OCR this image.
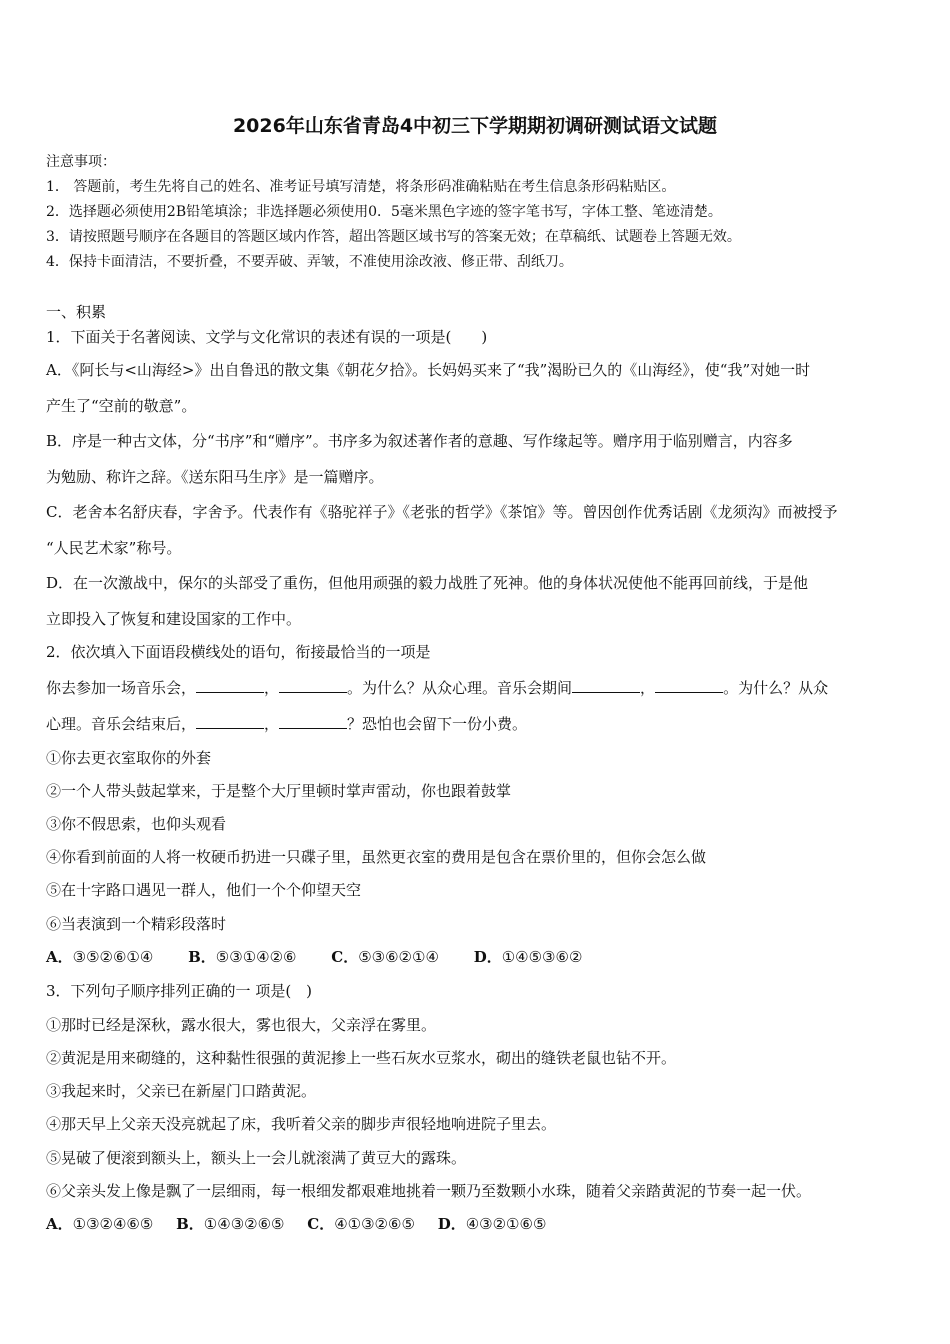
2026年山东省青岛4中初三下学期期初调研测试语文试题
注意事项：
1． 答题前，考生先将自己的姓名、准考证号填写清楚，将条形码准确粘贴在考生信息条形码粘贴区。
2．选择题必须使用2B铅笔填涂；非选择题必须使用0．5毫米黑色字迹的签字笔书写，字体工整、笔迹清楚。
3．请按照题号顺序在各题目的答题区域内作答，超出答题区域书写的答案无效；在草稿纸、试题卷上答题无效。
4．保持卡面清洁，不要折叠，不要弄破、弄皱，不准使用涂改液、修正带、刮纸刀。
一、积累
1．下面关于名著阅读、文学与文化常识的表述有误的一项是(　　)
A．《阿长与<山海经>》出自鲁迅的散文集《朝花夕拾》。长妈妈买来了“我”渴盼已久的《山海经》，使“我”对她一时
产生了“空前的敬意”。
B．序是一种古文体，分“书序”和“赠序”。书序多为叙述著作者的意趣、写作缘起等。赠序用于临别赠言，内容多
为勉励、称许之辞。《送东阳马生序》是一篇赠序。
C．老舍本名舒庆春，字舍予。代表作有《骆驼祥子》《老张的哲学》《茶馆》等。曾因创作优秀话剧《龙须沟》而被授予
“人民艺术家”称号。
D．在一次激战中，保尔的头部受了重伤，但他用顽强的毅力战胜了死神。他的身体状况使他不能再回前线，于是他
立即投入了恢复和建设国家的工作中。
2．依次填入下面语段横线处的语句，衔接最恰当的一项是
你去参加一场音乐会，	，	。为什么？从众心理。音乐会期间	，	。为什么？从众
心理。音乐会结束后，	，	？恐怕也会留下一份小费。
①你去更衣室取你的外套
②一个人带头鼓起掌来，于是整个大厅里顿时掌声雷动，你也跟着鼓掌
③你不假思索，也仰头观看
④你看到前面的人将一枚硬币扔进一只碟子里，虽然更衣室的费用是包含在票价里的，但你会怎么做
⑤在十字路口遇见一群人，他们一个个仰望天空
⑥当表演到一个精彩段落时
A．③⑤②⑥①④ B．⑤③①④②⑥ C．⑤③⑥②①④ D．①④⑤③⑥②
3．下列句子顺序排列正确的一 项是(　)
①那时已经是深秋，露水很大，雾也很大，父亲浮在雾里。
②黄泥是用来砌缝的，这种黏性很强的黄泥掺上一些石灰水豆浆水，砌出的缝铁老鼠也钻不开。
③我起来时，父亲已在新屋门口踏黄泥。
④那天早上父亲天没亮就起了床，我听着父亲的脚步声很轻地响进院子里去。
⑤晃破了便滚到额头上，额头上一会儿就滚满了黄豆大的露珠。
⑥父亲头发上像是飘了一层细雨，每一根细发都艰难地挑着一颗乃至数颗小水珠，随着父亲踏黄泥的节奏一起一伏。
A．①③②④⑥⑤ B．①④③②⑥⑤ C．④①③②⑥⑤ D．④③②①⑥⑤
